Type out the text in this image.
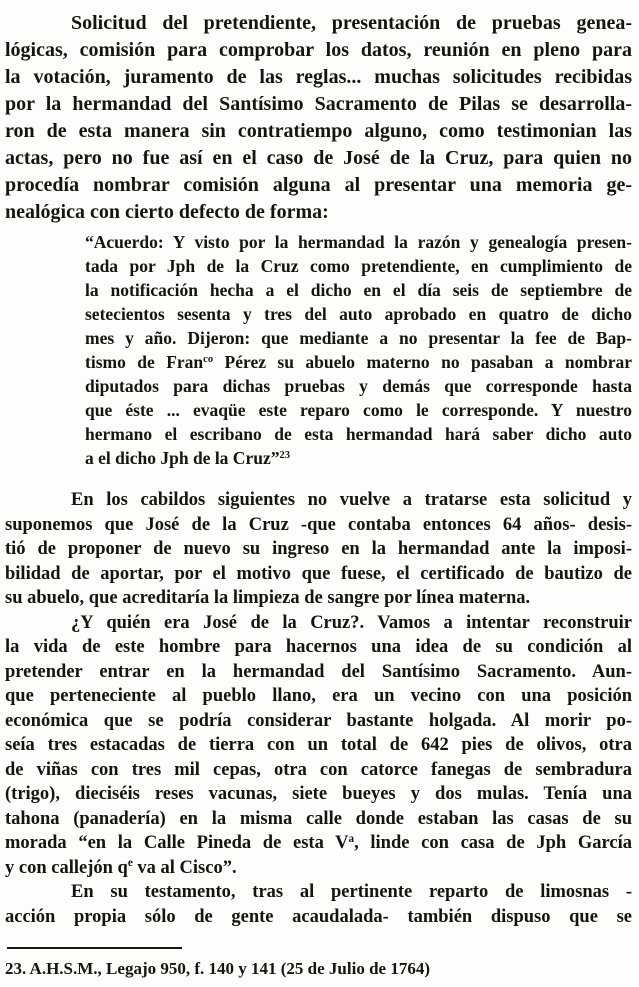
Solicitud del pretendiente, presentación de pruebas genea-
lógicas, comisión para comprobar los datos, reunión en pleno para
la votación, juramento de las reglas... muchas solicitudes recibidas
por la hermandad del Santísimo Sacramento de Pilas se desarrolla-
ron de esta manera sin contratiempo alguno, como testimonian las
actas, pero no fue así en el caso de José de la Cruz, para quien no
procedía nombrar comisión alguna al presentar una memoria ge-
nealógica con cierto defecto de forma:
“Acuerdo: Y visto por la hermandad la razón y genealogía presen-
tada por Jph de la Cruz como pretendiente, en cumplimiento de
la notificación hecha a el dicho en el día seis de septiembre de
setecientos sesenta y tres del auto aprobado en quatro de dicho
mes y año. Dijeron: que mediante a no presentar la fee de Bap-
tismo de Fran$^{co}$ Pérez su abuelo materno no pasaban a nombrar
diputados para dichas pruebas y demás que corresponde hasta
que éste ... evaqüe este reparo como le corresponde. Y nuestro
hermano el escribano de esta hermandad hará saber dicho auto
a el dicho Jph de la Cruz”$^{23}$
En los cabildos siguientes no vuelve a tratarse esta solicitud y
suponemos que José de la Cruz -que contaba entonces 64 años- desis-
tió de proponer de nuevo su ingreso en la hermandad ante la imposi-
bilidad de aportar, por el motivo que fuese, el certificado de bautizo de
su abuelo, que acreditaría la limpieza de sangre por línea materna.
¿Y quién era José de la Cruz?. Vamos a intentar reconstruir
la vida de este hombre para hacernos una idea de su condición al
pretender entrar en la hermandad del Santísimo Sacramento. Aun-
que perteneciente al pueblo llano, era un vecino con una posición
económica que se podría considerar bastante holgada. Al morir po-
seía tres estacadas de tierra con un total de 642 pies de olivos, otra
de viñas con tres mil cepas, otra con catorce fanegas de sembradura
(trigo), dieciséis reses vacunas, siete bueyes y dos mulas. Tenía una
tahona (panadería) en la misma calle donde estaban las casas de su
morada “en la Calle Pineda de esta $V^a$, linde con casa de Jph García
y con callejón $q^e$ va al Cisco”.
En su testamento, tras al pertinente reparto de limosnas -
acción propia sólo de gente acaudalada- también dispuso que se
23. A.H.S.M., Legajo 950, f. 140 y 141 (25 de Julio de 1764)
